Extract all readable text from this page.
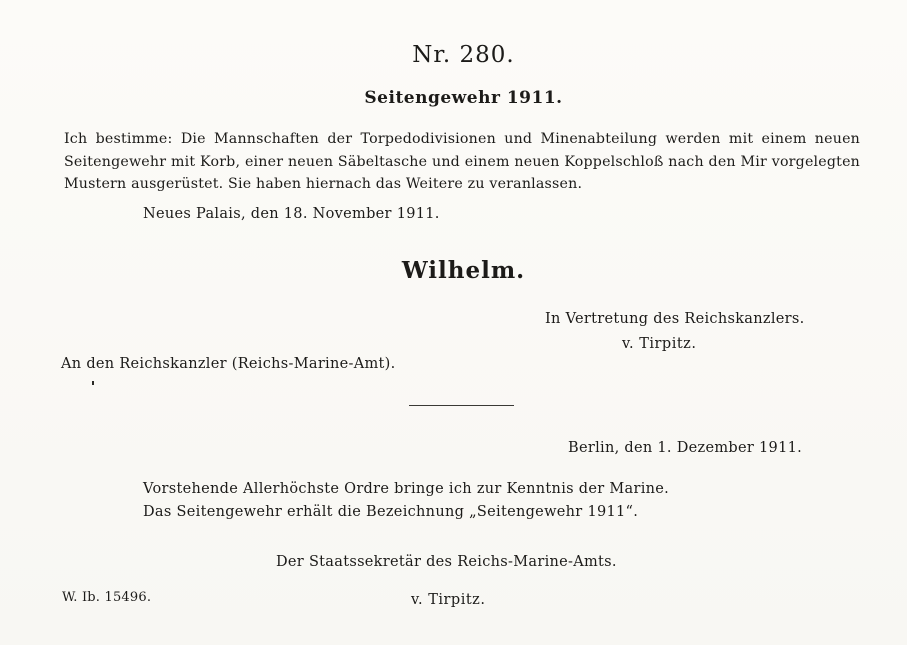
Nr. 280.
Seitengewehr 1911.
Ich bestimme: Die Mannschaften der Torpedodivisionen und Minenabteilung werden mit einem neuen Seitengewehr mit Korb, einer neuen Säbeltasche und einem neuen Koppelschloß nach den Mir vorgelegten Mustern ausgerüstet. Sie haben hiernach das Weitere zu veranlassen.
Neues Palais, den 18. November 1911.
Wilhelm.
In Vertretung des Reichskanzlers.
v. Tirpitz.
An den Reichskanzler (Reichs-Marine-Amt).
Berlin, den 1. Dezember 1911.
Vorstehende Allerhöchste Ordre bringe ich zur Kenntnis der Marine.
Das Seitengewehr erhält die Bezeichnung „Seitengewehr 1911“.
Der Staatssekretär des Reichs-Marine-Amts.
W. Ib. 15496.	v. Tirpitz.
